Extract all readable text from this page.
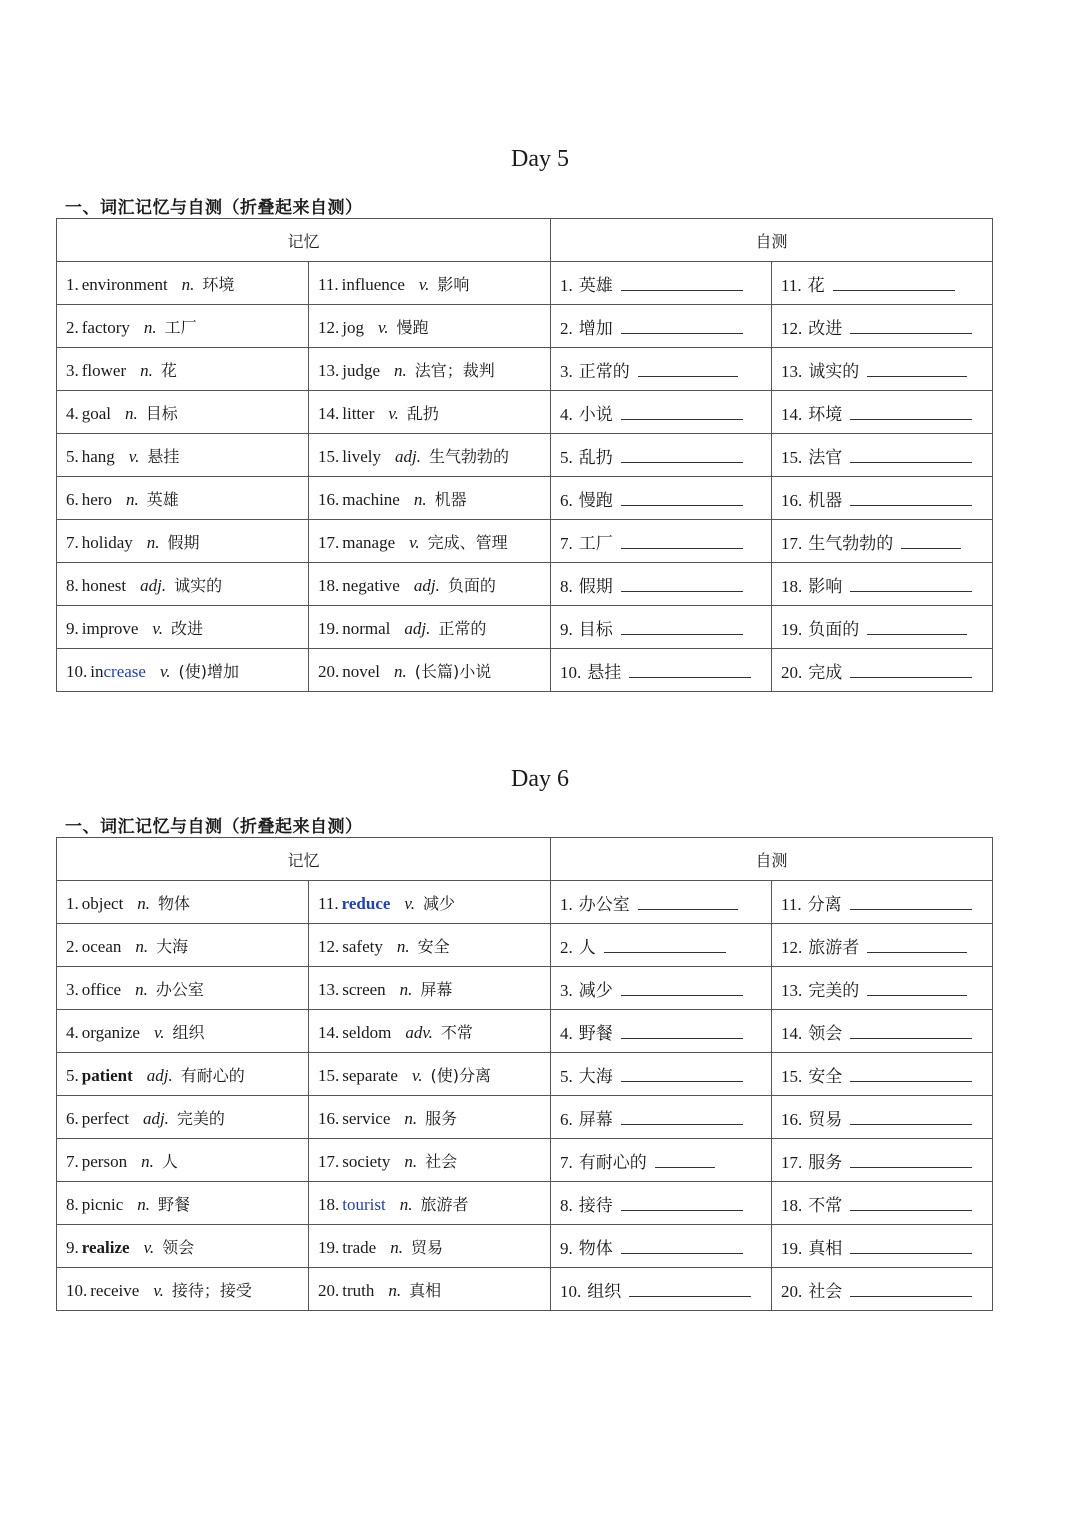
Day 5
一、词汇记忆与自测（折叠起来自测）
记忆		自测	
1. environment n. 环境	11. influence v. 影响	1. 英雄	11. 花
2. factory n. 工厂	12. jog v. 慢跑	2. 增加	12. 改进
3. flower n. 花	13. judge n. 法官；裁判	3. 正常的	13. 诚实的
4. goal n. 目标	14. litter v. 乱扔	4. 小说	14. 环境
5. hang v. 悬挂	15. lively adj. 生气勃勃的	5. 乱扔	15. 法官
6. hero n. 英雄	16. machine n. 机器	6. 慢跑	16. 机器
7. holiday n. 假期	17. manage v. 完成、管理	7. 工厂	17. 生气勃勃的
8. honest adj. 诚实的	18. negative adj. 负面的	8. 假期	18. 影响
9. improve v. 改进	19. normal adj. 正常的	9. 目标	19. 负面的
10. increase v. (使)增加	20. novel n. (长篇)小说	10. 悬挂	20. 完成
Day 6
一、词汇记忆与自测（折叠起来自测）
记忆		自测	
1. object n. 物体	11. reduce v. 减少	1. 办公室	11. 分离
2. ocean n. 大海	12. safety n. 安全	2. 人	12. 旅游者
3. office n. 办公室	13. screen n. 屏幕	3. 减少	13. 完美的
4. organize v. 组织	14. seldom adv. 不常	4. 野餐	14. 领会
5. patient adj. 有耐心的	15. separate v. (使)分离	5. 大海	15. 安全
6. perfect adj. 完美的	16. service n. 服务	6. 屏幕	16. 贸易
7. person n. 人	17. society n. 社会	7. 有耐心的	17. 服务
8. picnic n. 野餐	18. tourist n. 旅游者	8. 接待	18. 不常
9. realize v. 领会	19. trade n. 贸易	9. 物体	19. 真相
10. receive v. 接待；接受	20. truth n. 真相	10. 组织	20. 社会
